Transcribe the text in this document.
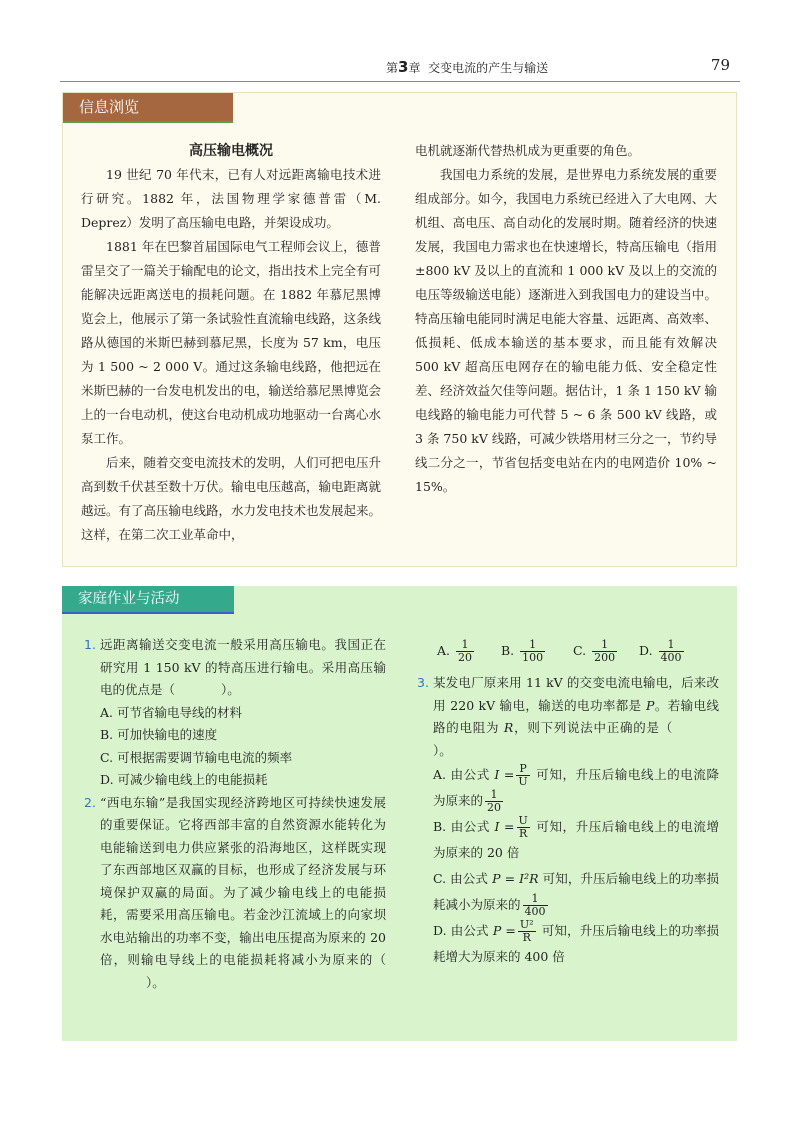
第3章 交变电流的产生与输送	79
信息浏览

高压输电概况

19 世纪 70 年代末，已有人对远距离输电技术进行研究。1882 年，法国物理学家德普雷（M. Deprez）发明了高压输电电路，并架设成功。

1881 年在巴黎首届国际电气工程师会议上，德普雷呈交了一篇关于输配电的论文，指出技术上完全有可能解决远距离送电的损耗问题。在 1882 年慕尼黑博览会上，他展示了第一条试验性直流输电线路，这条线路从德国的米斯巴赫到慕尼黑，长度为 57 km，电压为 1 500 ~ 2 000 V。通过这条输电线路，他把远在米斯巴赫的一台发电机发出的电，输送给慕尼黑博览会上的一台电动机，使这台电动机成功地驱动一台离心水泵工作。

后来，随着交变电流技术的发明，人们可把电压升高到数千伏甚至数十万伏。输电电压越高，输电距离就越远。有了高压输电线路，水力发电技术也发展起来。这样，在第二次工业革命中，

电机就逐渐代替热机成为更重要的角色。

我国电力系统的发展，是世界电力系统发展的重要组成部分。如今，我国电力系统已经进入了大电网、大机组、高电压、高自动化的发展时期。随着经济的快速发展，我国电力需求也在快速增长，特高压输电（指用 ±800 kV 及以上的直流和 1 000 kV 及以上的交流的电压等级输送电能）逐渐进入到我国电力的建设当中。特高压输电能同时满足电能大容量、远距离、高效率、低损耗、低成本输送的基本要求，而且能有效解决 500 kV 超高压电网存在的输电能力低、安全稳定性差、经济效益欠佳等问题。据估计，1 条 1 150 kV 输电线路的输电能力可代替 5 ~ 6 条 500 kV 线路，或 3 条 750 kV 线路，可减少铁塔用材三分之一，节约导线二分之一，节省包括变电站在内的电网造价 10% ~ 15%。

家庭作业与活动
1. 远距离输送交变电流一般采用高压输电。我国正在研究用 1 150 kV 的特高压进行输电。采用高压输电的优点是（	）。
A. 可节省输电导线的材料
B. 可加快输电的速度
C. 可根据需要调节输电电流的频率
D. 可减少输电线上的电能损耗
2. “西电东输”是我国实现经济跨地区可持续快速发展的重要保证。它将西部丰富的自然资源水能转化为电能输送到电力供应紧张的沿海地区，这样既实现了东西部地区双赢的目标，也形成了经济发展与环境保护双赢的局面。为了减少输电线上的电能损耗，需要采用高压输电。若金沙江流域上的向家坝水电站输出的功率不变，输出电压提高为原来的 20 倍，则输电导线上的电能损耗将减小为原来的（）。
A. $\frac{1}{20} B$. $\frac{1}{100} C$. $\frac{1}{200} D$. $\frac{1}{400}$
3. 某发电厂原来用 11 kV 的交变电流电输电，后来改用 220 kV 输电，输送的电功率都是 P。若输电线路的电阻为 R，则下列说法中正确的是（）。
A. 由公式 $I = \frac{P}{U}$ 可知，升压后输电线上的电流降为原来的 $\frac{1}{20}$
B. 由公式 $I = \frac{U}{R}$ 可知，升压后输电线上的电流增为原来的 20 倍
C. 由公式 P = I²R 可知，升压后输电线上的功率损耗减小为原来的 $\frac{1}{400}$
D. 由公式 $P = \frac{\text{U²}}{R}$ 可知，升压后输电线上的功率损耗增大为原来的 400 倍
